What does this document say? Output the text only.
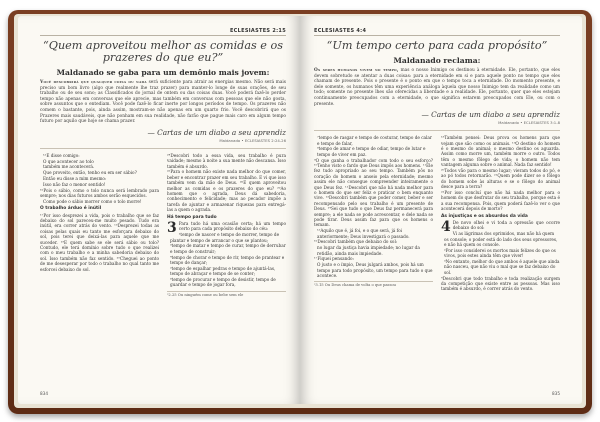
ECLESIASTES 2:15
“Quem aproveitou melhor as comidas e os prazeres do que eu?”
Maldanado se gaba para um demônio mais jovem:
Você descobrirá que qualquer coisa ou nada será suficiente para atrair as energias mesmo. Não será mais preciso um bom livro (algo que realmente lhe traz prazer) para manter-lo longe de suas orações, de seu trabalho ou de seu sono; as Classificados do jornal de ontem ou das coisas duas. Você poderá fazê-lo perder tempo não apenas em conversas que ele aprecie, mas também em conversas com pessoas que ele não gosta, sobre assuntos que o entediam. Você pode fazê-lo ficar inerte por longos períodos de tempo. Os prazeres não comem o bastante, pois, ainda assim, mostram-se não apenas em um quarto frio. Você descobrirá que os Prazeres mais saudáveis, que não ponham em sua realidade, não farão que pague mais caro em algum tempo futuro por aquilo que hoje se chama prazer.
— Cartas de um diabo a seu aprendiz
Maldanado • ECLESIASTES 2:24-26
¹⁵E disse comigo:
O que acontecer ao tolo
também me acontecerá.
Que proveito, então, tenho eu em ser sábio?
Então eu disse a mim mesmo:
Isso não faz o menor sentido!
¹⁶Pois o sábio, como o tolo nunca será lembrado para sempre; nos dias futuros ambos serão esquecidos.
Como pode o sábio morrer como o tolo morre!
O trabalho árduo é inútil
¹⁷Por isso desprezei a vida, pois o trabalho que se faz debaixo do sol pareceu-me muito pesado. Tudo era inútil, era correr atrás do vento. ¹⁸Desprezei todas as coisas pelas quais eu tanto me esforçara debaixo do sol, pois terei que deixá-las para aquele que me suceder. ¹⁹E quem sabe se ele será sábio ou tolo? Contudo, ele terá domínio sobre tudo o que realizei com o meu trabalho e a minha sabedoria debaixo do sol. Isso também não faz sentido. ²⁰Cheguei ao ponto de me desesperar por todo o trabalho no qual tanto me esforcei debaixo do sol.
²⁴Descobri todo a essa vida, seu trabalho é pura vaidade; mesmo à noite a sua mente não descansa. Isso também é absurdo.
²⁵Para o homem não existe nada melhor do que comer, beber e encontrar prazer em seu trabalho. E vi que isso também vem da mão de Deus. ²⁶E quem aproveitou melhor as comidas e os prazeres do que eu? ²⁶Ao homem que o agrada, Deus dá sabedoria, conhecimento e felicidade; mas ao pecador impõe a tarefa de ajuntar e armazenar riquezas para entregá-las a quem o agrada.
Há tempo para tudo
3 Para tudo há uma ocasião certa; há um tempo certo para cada propósito debaixo do céu:
²tempo de nascer e tempo de morrer, tempo de plantar e tempo de arrancar o que se plantou;
³tempo de matar e tempo de curar, tempo de derrubar e tempo de construir;
⁴tempo de chorar e tempo de rir, tempo de prantear e tempo de dançar;
⁵tempo de espalhar pedras e tempo de ajuntá-las, tempo de abraçar e tempo de se conter;
⁶tempo de procurar e tempo de desistir, tempo de guardar e tempo de jogar fora,
ᵃ2.25 Ou ninguém come ou bebe sem ele
834
ECLESIASTES 4:4
“Um tempo certo para cada propósito”
Maldanado reclama:
Os seres humanos vivem no tempo, mas o nosso Inimigo os destinou à eternidade. Ele, portanto, que eles devem sobretudo se atentar a duas coisas: para a eternidade em si e para aquele ponto no tempo que eles chamam de presente. Pois o presente é o ponto em que o tempo toca a eternidade. Do momento presente, e dele somente, os humanos têm uma experiência análoga àquela que nosso Inimigo tem da realidade como um todo; somente no presente lhes são oferecidas a liberdade e a realidade. Ele, portanto, quer que eles estejam continuamente preocupados com a eternidade, o que significa estarem preocupados com Ele, ou com o presente.
— Cartas de um diabo a seu aprendiz
Maldanado • ECLESIASTES 3:1-8
⁷tempo de rasgar e tempo de costurar, tempo de calar e tempo de falar,
⁸tempo de amar e tempo de odiar, tempo de lutar e tempo de viver em paz.
⁹O que ganha o trabalhador com todo o seu esforço? ¹⁰Tenho visto o fardo que Deus impôs aos homens. ¹¹Ele fez tudo apropriado ao seu tempo. Também pôs no coração do homem o anseio pela eternidade; mesmo assim ele não consegue compreender inteiramente o que Deus fez. ¹²Descobri que não há nada melhor para o homem do que ser feliz e praticar o bem enquanto vive. ¹³Descobri também que poder comer, beber e ser recompensado pelo seu trabalho é um presente de Deus. ¹⁴Sei que tudo o que Deus faz permanecerá para sempre; a ele nada se pode acrescentar, e dele nada se pode tirar. Deus assim faz para que os homens o temam.
¹⁵Aquilo que é, já foi, e o que será, já foi anteriormente; Deus investigará o passado.
¹⁶Descobri também que debaixo do sol:
no lugar da justiça havia impiedade; no lugar da retidão, ainda mais impiedade.
¹⁷Fiquei pensando:
O justo e o ímpio, Deus julgará ambos, pois há um tempo para todo propósito, um tempo para tudo o que acontece.
ᵃ3.15 Ou Deus chama de volta o que passou
¹⁸Também pensei: Deus prova os homens para que vejam que são como os animais. ¹⁹O destino do homem é o mesmo do animal; o mesmo destino os aguarda. Assim como morre um, também morre o outro. Todos têm o mesmo fôlego de vida; o homem não tem vantagem alguma sobre o animal. Nada faz sentido!
²⁰Todos vão para o mesmo lugar; vieram todos do pó, e ao pó todos retornarão. ²¹Quem pode dizer se o fôlego do homem sobe às alturas e se o fôlego do animal desce para a terra?
²²Por isso concluí que não há nada melhor para o homem do que desfrutar do seu trabalho, porque esta é a sua recompensa. Pois, quem poderá fazê-lo ver o que acontecerá depois de morto?
As injustiças e os absurdos da vida
4 De novo olhei e vi toda a opressão que ocorre debaixo do sol:
Vi as lágrimas dos oprimidos, mas não há quem os console; o poder está do lado dos seus opressores, e não há quem os console.
²Por isso considerei os mortos mais felizes do que os vivos, pois estes ainda têm que viver!
³No entanto, melhor do que ambos é aquele que ainda não nasceu, que não viu o mal que se faz debaixo do sol.
⁴Descobri que todo trabalho e toda realização surgem da competição que existe entre as pessoas. Mas isso também é absurdo, é correr atrás do vento.
835
